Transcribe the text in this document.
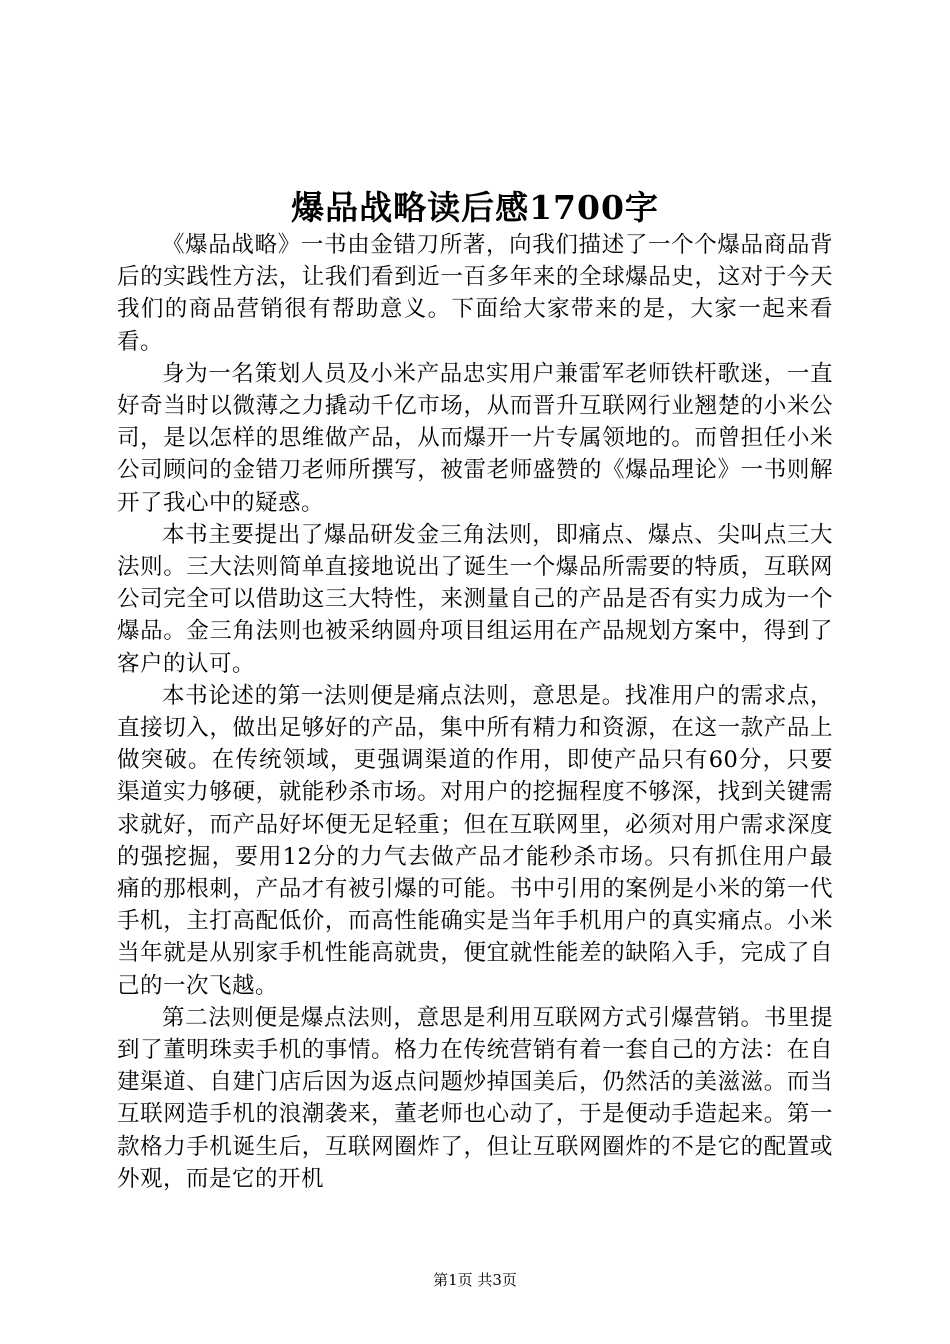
爆品战略读后感1700字

《爆品战略》一书由金错刀所著，向我们描述了一个个爆品商品背后的实践性方法，让我们看到近一百多年来的全球爆品史，这对于今天我们的商品营销很有帮助意义。下面给大家带来的是，大家一起来看看。

身为一名策划人员及小米产品忠实用户兼雷军老师铁杆歌迷，一直好奇当时以微薄之力撬动千亿市场，从而晋升互联网行业翘楚的小米公司，是以怎样的思维做产品，从而爆开一片专属领地的。而曾担任小米公司顾问的金错刀老师所撰写，被雷老师盛赞的《爆品理论》一书则解开了我心中的疑惑。

本书主要提出了爆品研发金三角法则，即痛点、爆点、尖叫点三大法则。三大法则简单直接地说出了诞生一个爆品所需要的特质，互联网公司完全可以借助这三大特性，来测量自己的产品是否有实力成为一个爆品。金三角法则也被采纳圆舟项目组运用在产品规划方案中，得到了客户的认可。

本书论述的第一法则便是痛点法则，意思是。找准用户的需求点，直接切入，做出足够好的产品，集中所有精力和资源，在这一款产品上做突破。在传统领域，更强调渠道的作用，即使产品只有60分，只要渠道实力够硬，就能秒杀市场。对用户的挖掘程度不够深，找到关键需求就好，而产品好坏便无足轻重；但在互联网里，必须对用户需求深度的强挖掘，要用12分的力气去做产品才能秒杀市场。只有抓住用户最痛的那根刺，产品才有被引爆的可能。书中引用的案例是小米的第一代手机，主打高配低价，而高性能确实是当年手机用户的真实痛点。小米当年就是从别家手机性能高就贵，便宜就性能差的缺陷入手，完成了自己的一次飞越。

第二法则便是爆点法则，意思是利用互联网方式引爆营销。书里提到了董明珠卖手机的事情。格力在传统营销有着一套自己的方法：在自建渠道、自建门店后因为返点问题炒掉国美后，仍然活的美滋滋。而当互联网造手机的浪潮袭来，董老师也心动了，于是便动手造起来。第一款格力手机诞生后，互联网圈炸了，但让互联网圈炸的不是它的配置或外观，而是它的开机

第1页 共3页
